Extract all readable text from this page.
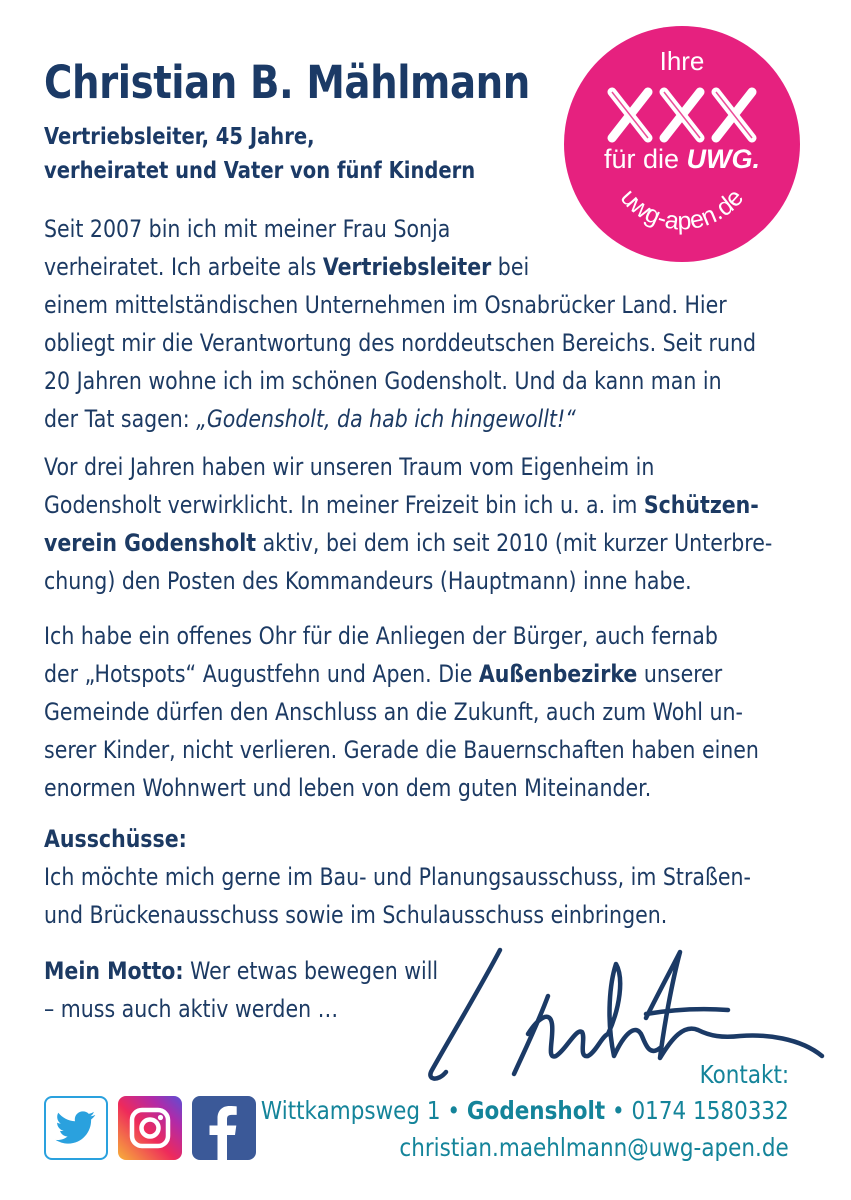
Christian B. Mählmann
Vertriebsleiter, 45 Jahre,
verheiratet und Vater von fünf Kindern
Ihre
für die UWG.
uwg-apen.de
Seit 2007 bin ich mit meiner Frau Sonja
verheiratet. Ich arbeite als Vertriebsleiter bei
einem mittelständischen Unternehmen im Osnabrücker Land. Hier
obliegt mir die Verantwortung des norddeutschen Bereichs. Seit rund
20 Jahren wohne ich im schönen Godensholt. Und da kann man in
der Tat sagen: „Godensholt, da hab ich hingewollt!“
Vor drei Jahren haben wir unseren Traum vom Eigenheim in
Godensholt verwirklicht. In meiner Freizeit bin ich u. a. im Schützen-
verein Godensholt aktiv, bei dem ich seit 2010 (mit kurzer Unterbre-
chung) den Posten des Kommandeurs (Hauptmann) inne habe.
Ich habe ein offenes Ohr für die Anliegen der Bürger, auch fernab
der „Hotspots“ Augustfehn und Apen. Die Außenbezirke unserer
Gemeinde dürfen den Anschluss an die Zukunft, auch zum Wohl un-
serer Kinder, nicht verlieren. Gerade die Bauernschaften haben einen
enormen Wohnwert und leben von dem guten Miteinander.
Ausschüsse:
Ich möchte mich gerne im Bau- und Planungsausschuss, im Straßen-
und Brückenausschuss sowie im Schulausschuss einbringen.
Mein Motto: Wer etwas bewegen will
– muss auch aktiv werden …
Kontakt:
Wittkampsweg 1 • Godensholt • 0174 1580332
christian.maehlmann@uwg-apen.de
